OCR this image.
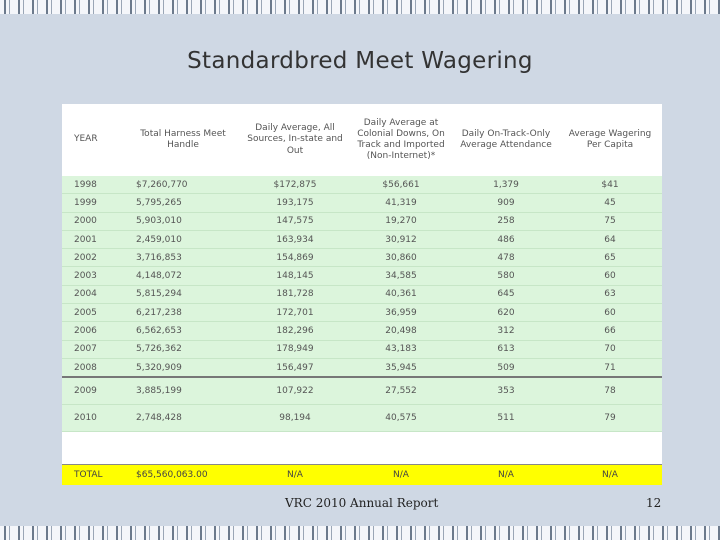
Standardbred Meet Wagering
YEAR	Total Harness Meet Handle	Daily Average, All Sources, In-state and Out	Daily Average at Colonial Downs, On Track and Imported (Non-Internet)*	Daily On-Track-Only Average Attendance	Average Wagering Per Capita
1998	$7,260,770	$172,875	$56,661	1,379	$41
1999	5,795,265	193,175	41,319	909	45
2000	5,903,010	147,575	19,270	258	75
2001	2,459,010	163,934	30,912	486	64
2002	3,716,853	154,869	30,860	478	65
2003	4,148,072	148,145	34,585	580	60
2004	5,815,294	181,728	40,361	645	63
2005	6,217,238	172,701	36,959	620	60
2006	6,562,653	182,296	20,498	312	66
2007	5,726,362	178,949	43,183	613	70
2008	5,320,909	156,497	35,945	509	71
2009	3,885,199	107,922	27,552	353	78
2010	2,748,428	98,194	40,575	511	79

TOTAL	$65,560,063.00	N/A	N/A	N/A	N/A
VRC 2010 Annual Report	12
